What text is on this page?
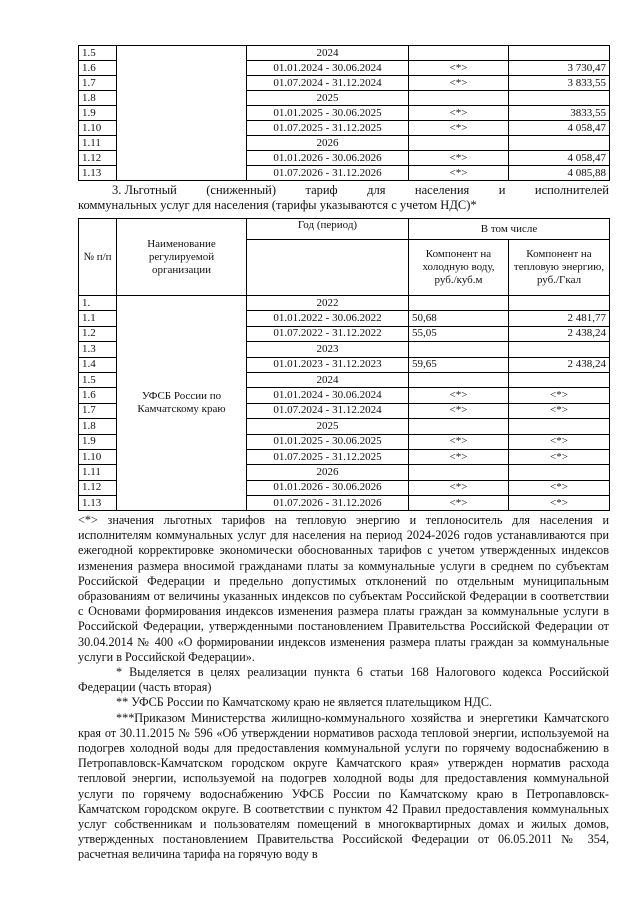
1.5		2024		
1.6		01.01.2024 - 30.06.2024	<*>	3 730,47
1.7		01.07.2024 - 31.12.2024	<*>	3 833,55
1.8		2025		
1.9		01.01.2025 - 30.06.2025	<*>	3833,55
1.10		01.07.2025 - 31.12.2025	<*>	4 058,47
1.11		2026		
1.12		01.01.2026 - 30.06.2026	<*>	4 058,47
1.13		01.07.2026 - 31.12.2026	<*>	4 085,88
3. Льготный (сниженный) тариф для населения и исполнителей
коммунальных услуг для населения (тарифы указываются с учетом НДС)*
№ п/п	Наименование регулируемой организации	Год (период)	В том числе	
			Компонент на холодную воду, руб./куб.м	Компонент на тепловую энергию, руб./Гкал
1.	УФСБ России по Камчатскому краю	2022		
1.1		01.01.2022 - 30.06.2022	50,68	2 481,77
1.2		01.07.2022 - 31.12.2022	55,05	2 438,24
1.3		2023		
1.4		01.01.2023 - 31.12.2023	59,65	2 438,24
1.5		2024		
1.6		01.01.2024 - 30.06.2024	<*>	<*>
1.7		01.07.2024 - 31.12.2024	<*>	<*>
1.8		2025		
1.9		01.01.2025 - 30.06.2025	<*>	<*>
1.10		01.07.2025 - 31.12.2025	<*>	<*>
1.11		2026		
1.12		01.01.2026 - 30.06.2026	<*>	<*>
1.13		01.07.2026 - 31.12.2026	<*>	<*>

<*> значения льготных тарифов на тепловую энергию и теплоноситель для населения и исполнителям коммунальных услуг для населения на период 2024-2026 годов устанавливаются при ежегодной корректировке экономически обоснованных тарифов с учетом утвержденных индексов изменения размера вносимой гражданами платы за коммунальные услуги в среднем по субъектам Российской Федерации и предельно допустимых отклонений по отдельным муниципальным образованиям от величины указанных индексов по субъектам Российской Федерации в соответствии с Основами формирования индексов изменения размера платы граждан за коммунальные услуги в Российской Федерации, утвержденными постановлением Правительства Российской Федерации от 30.04.2014 № 400 «О формировании индексов изменения размера платы граждан за коммунальные услуги в Российской Федерации».

* Выделяется в целях реализации пункта 6 статьи 168 Налогового кодекса Российской Федерации (часть вторая)

** УФСБ России по Камчатскому краю не является плательщиком НДС.

***Приказом Министерства жилищно-коммунального хозяйства и энергетики Камчатского края от 30.11.2015 № 596 «Об утверждении нормативов расхода тепловой энергии, используемой на подогрев холодной воды для предоставления коммунальной услуги по горячему водоснабжению в Петропавловск-Камчатском городском округе Камчатского края» утвержден норматив расхода тепловой энергии, используемой на подогрев холодной воды для предоставления коммунальной услуги по горячему водоснабжению УФСБ России по Камчатскому краю в Петропавловск-Камчатском городском округе. В соответствии с пунктом 42 Правил предоставления коммунальных услуг собственникам и пользователям помещений в многоквартирных домах и жилых домов, утвержденных постановлением Правительства Российской Федерации от 06.05.2011 № 354, расчетная величина тарифа на горячую воду в
